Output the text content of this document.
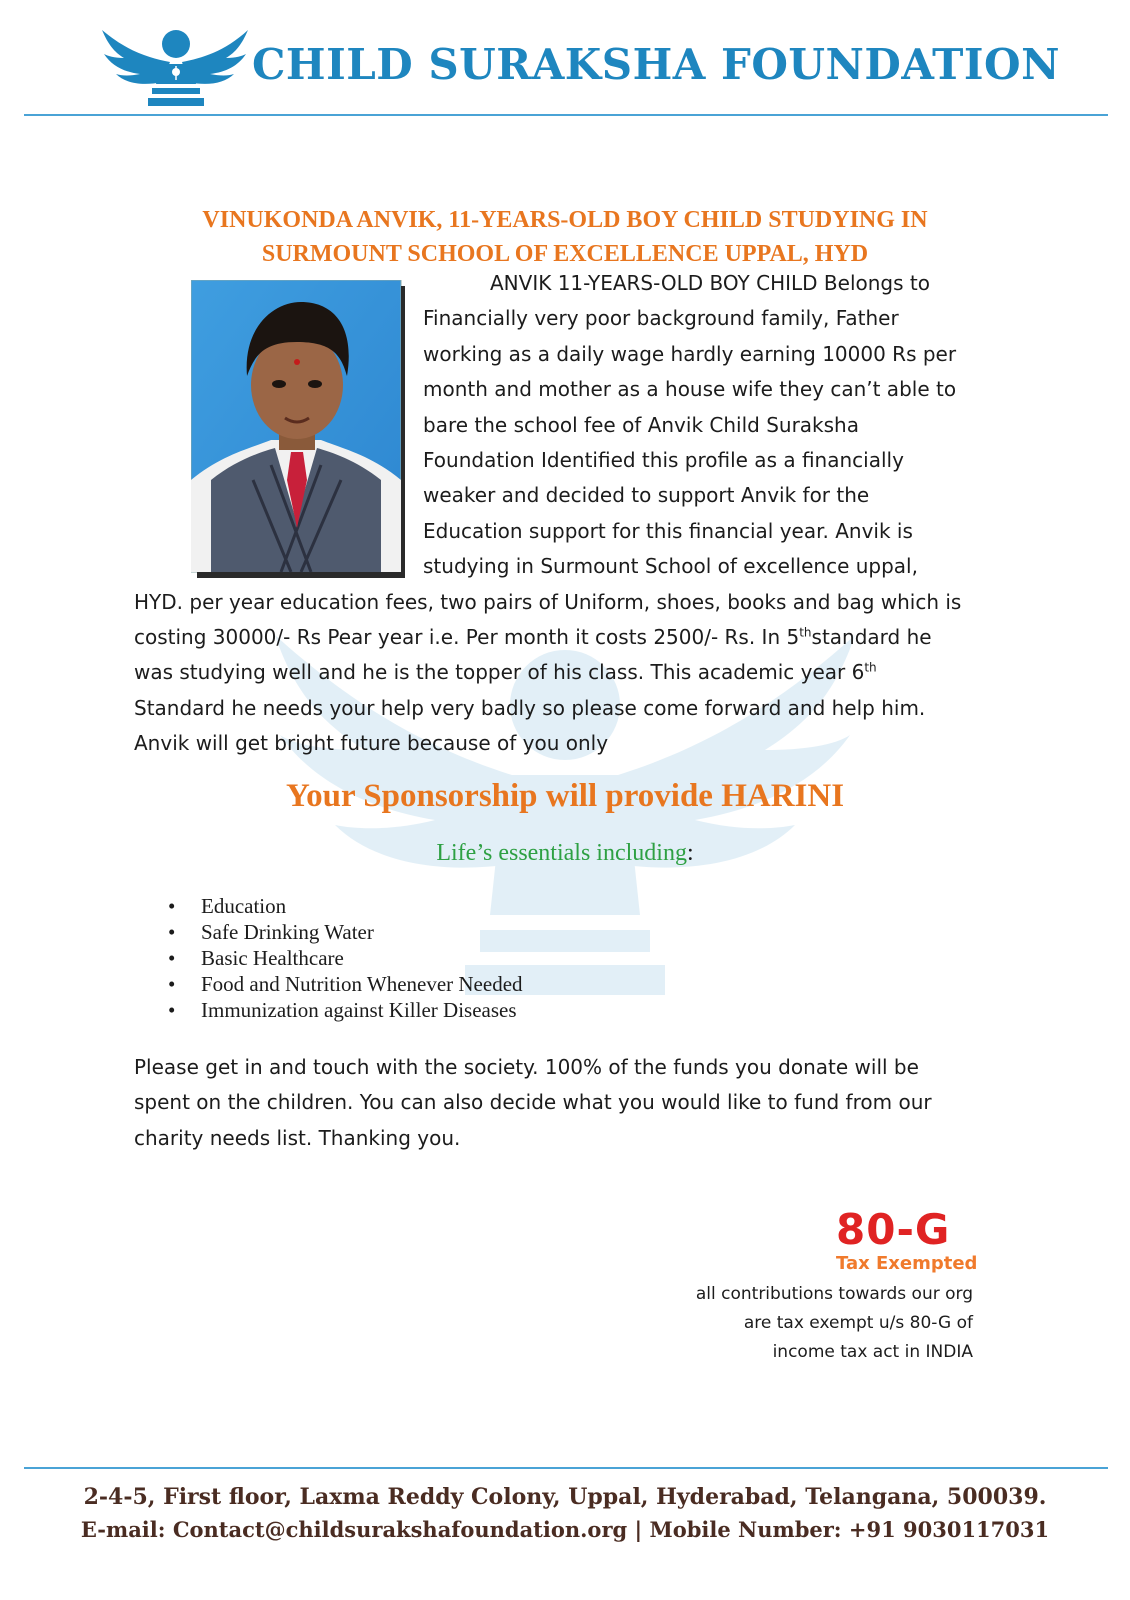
CHILD SURAKSHA FOUNDATION
VINUKONDA ANVIK, 11-YEARS-OLD BOY CHILD STUDYING IN
SURMOUNT SCHOOL OF EXCELLENCE UPPAL, HYD
ANVIK 11-YEARS-OLD BOY CHILD Belongs to
Financially very poor background family, Father
working as a daily wage hardly earning 10000 Rs per
month and mother as a house wife they can’t able to
bare the school fee of Anvik Child Suraksha
Foundation Identified this profile as a financially
weaker and decided to support Anvik for the
Education support for this financial year. Anvik is
studying in Surmount School of excellence uppal,
HYD. per year education fees, two pairs of Uniform, shoes, books and bag which is
costing 30000/- Rs Pear year i.e. Per month it costs 2500/- Rs. In 5thstandard he
was studying well and he is the topper of his class. This academic year 6th
Standard he needs your help very badly so please come forward and help him.
Anvik will get bright future because of you only
Your Sponsorship will provide HARINI
Life’s essentials including:
• Education
• Safe Drinking Water
• Basic Healthcare
• Food and Nutrition Whenever Needed
• Immunization against Killer Diseases
Please get in and touch with the society. 100% of the funds you donate will be
spent on the children. You can also decide what you would like to fund from our
charity needs list. Thanking you.
80-G
Tax Exempted
all contributions towards our org
are tax exempt u/s 80-G of
income tax act in INDIA
2-4-5, First floor, Laxma Reddy Colony, Uppal, Hyderabad, Telangana, 500039.
E-mail: Contact@childsurakshafoundation.org | Mobile Number: +91 9030117031
